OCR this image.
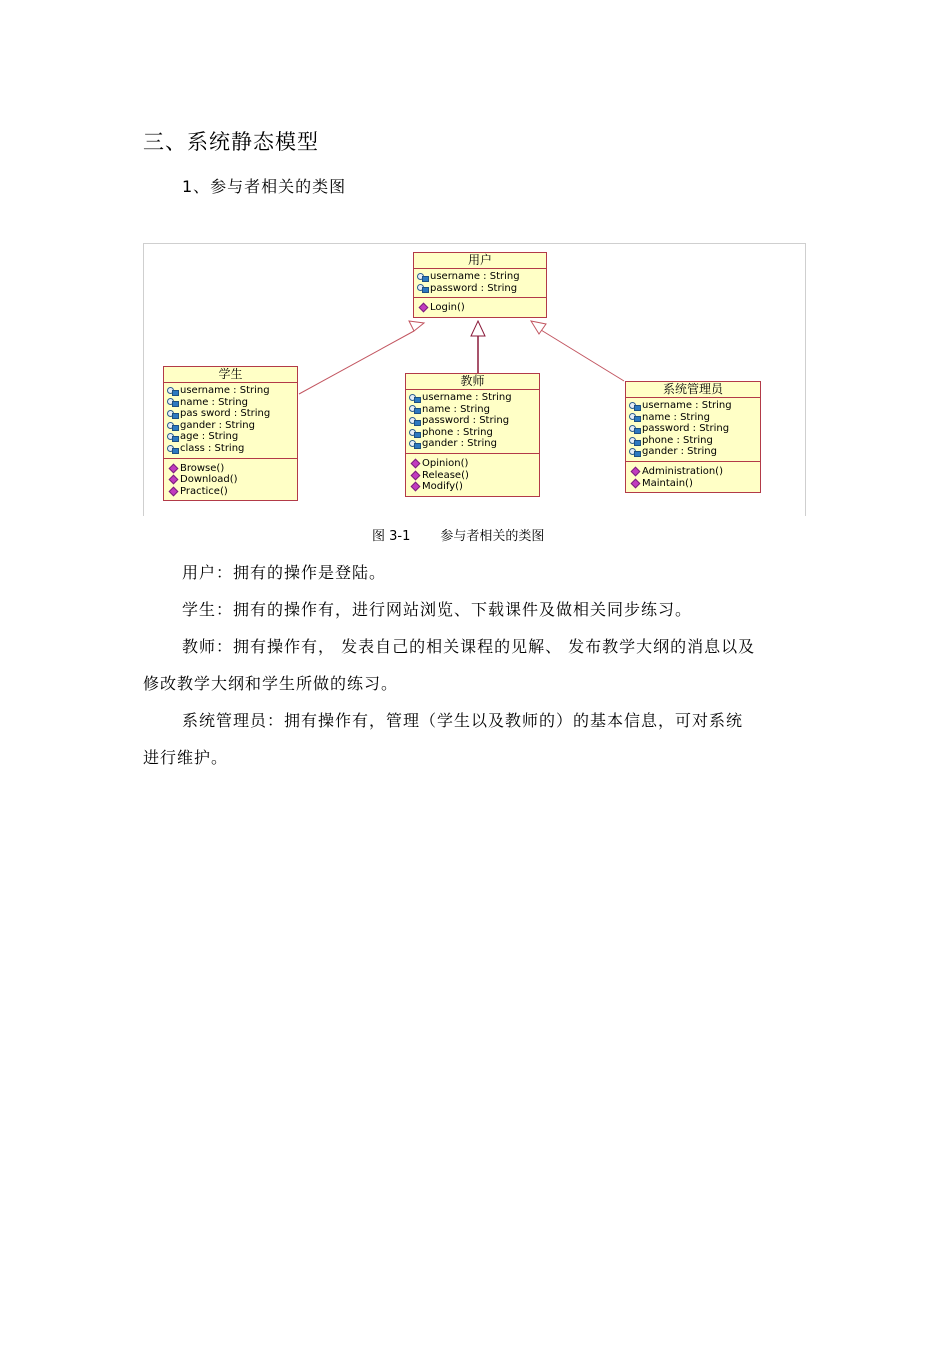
三、系统静态模型
1、参与者相关的类图
用户
username : String
password : String
Login()
学生
username : String
name : String
pas sword : String
gander : String
age : String
class : String
Browse()
Download()
Practice()
教师
username : String
name : String
password : String
phone : String
gander : String
Opinion()
Release()
Modify()
系统管理员
username : String
name : String
password : String
phone : String
gander : String
Administration()
Maintain()
图 3-1 参与者相关的类图
用户：拥有的操作是登陆。
学生：拥有的操作有，进行网站浏览、下载课件及做相关同步练习。
教师：拥有操作有， 发表自己的相关课程的见解、 发布教学大纲的消息以及
修改教学大纲和学生所做的练习。
系统管理员：拥有操作有，管理（学生以及教师的）的基本信息，可对系统
进行维护。
